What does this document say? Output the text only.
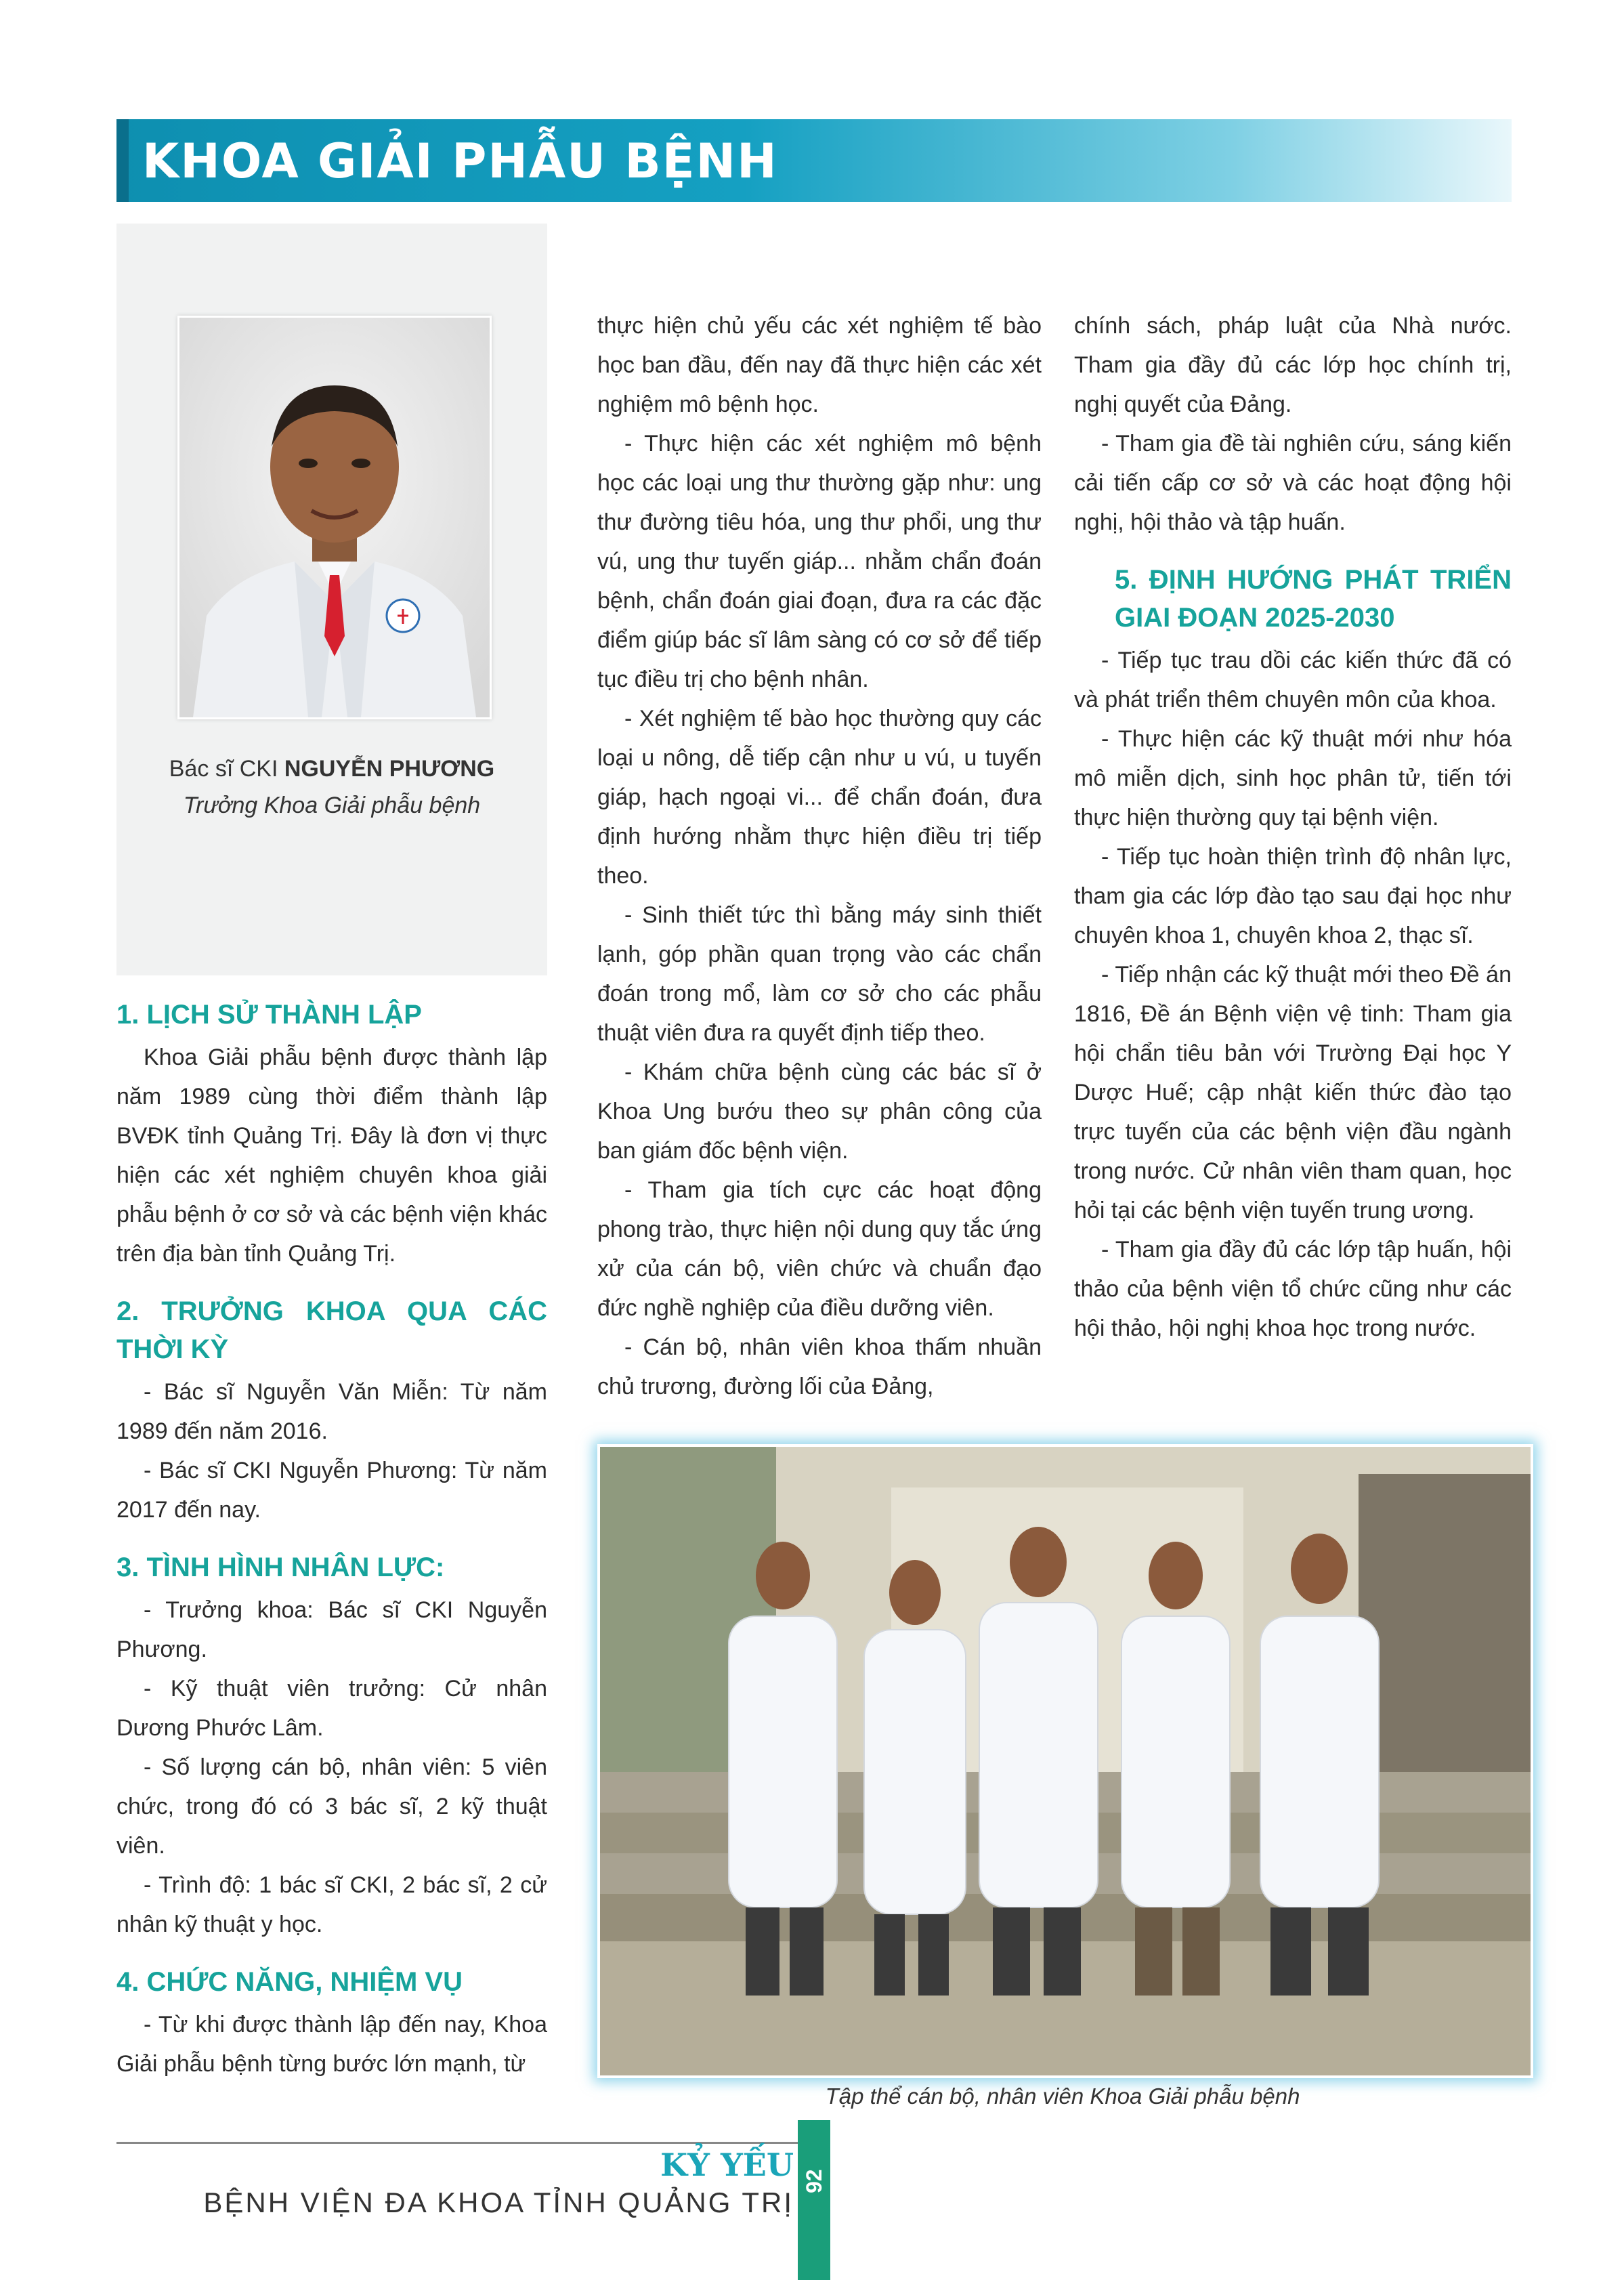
KHOA GIẢI PHẪU BỆNH
Bác sĩ CKI NGUYỄN PHƯƠNG
Trưởng Khoa Giải phẫu bệnh
1. LỊCH SỬ THÀNH LẬP

Khoa Giải phẫu bệnh được thành lập năm 1989 cùng thời điểm thành lập BVĐK tỉnh Quảng Trị. Đây là đơn vị thực hiện các xét nghiệm chuyên khoa giải phẫu bệnh ở cơ sở và các bệnh viện khác trên địa bàn tỉnh Quảng Trị.

2. TRƯỞNG KHOA QUA CÁC THỜI KỲ

- Bác sĩ Nguyễn Văn Miễn: Từ năm 1989 đến năm 2016.

- Bác sĩ CKI Nguyễn Phương: Từ năm 2017 đến nay.

3. TÌNH HÌNH NHÂN LỰC:

- Trưởng khoa: Bác sĩ CKI Nguyễn Phương.

- Kỹ thuật viên trưởng: Cử nhân Dương Phước Lâm.

- Số lượng cán bộ, nhân viên: 5 viên chức, trong đó có 3 bác sĩ, 2 kỹ thuật viên.

- Trình độ: 1 bác sĩ CKI, 2 bác sĩ, 2 cử nhân kỹ thuật y học.

4. CHỨC NĂNG, NHIỆM VỤ

- Từ khi được thành lập đến nay, Khoa Giải phẫu bệnh từng bước lớn mạnh, từ

thực hiện chủ yếu các xét nghiệm tế bào học ban đầu, đến nay đã thực hiện các xét nghiệm mô bệnh học.

- Thực hiện các xét nghiệm mô bệnh học các loại ung thư thường gặp như: ung thư đường tiêu hóa, ung thư phổi, ung thư vú, ung thư tuyến giáp... nhằm chẩn đoán bệnh, chẩn đoán giai đoạn, đưa ra các đặc điểm giúp bác sĩ lâm sàng có cơ sở để tiếp tục điều trị cho bệnh nhân.

- Xét nghiệm tế bào học thường quy các loại u nông, dễ tiếp cận như u vú, u tuyến giáp, hạch ngoại vi... để chẩn đoán, đưa định hướng nhằm thực hiện điều trị tiếp theo.

- Sinh thiết tức thì bằng máy sinh thiết lạnh, góp phần quan trọng vào các chẩn đoán trong mổ, làm cơ sở cho các phẫu thuật viên đưa ra quyết định tiếp theo.

- Khám chữa bệnh cùng các bác sĩ ở Khoa Ung bướu theo sự phân công của ban giám đốc bệnh viện.

- Tham gia tích cực các hoạt động phong trào, thực hiện nội dung quy tắc ứng xử của cán bộ, viên chức và chuẩn đạo đức nghề nghiệp của điều dưỡng viên.

- Cán bộ, nhân viên khoa thấm nhuần chủ trương, đường lối của Đảng,

chính sách, pháp luật của Nhà nước. Tham gia đầy đủ các lớp học chính trị, nghị quyết của Đảng.

- Tham gia đề tài nghiên cứu, sáng kiến cải tiến cấp cơ sở và các hoạt động hội nghị, hội thảo và tập huấn.

5. ĐỊNH HƯỚNG PHÁT TRIỂN GIAI ĐOẠN 2025-2030

- Tiếp tục trau dồi các kiến thức đã có và phát triển thêm chuyên môn của khoa.

- Thực hiện các kỹ thuật mới như hóa mô miễn dịch, sinh học phân tử, tiến tới thực hiện thường quy tại bệnh viện.

- Tiếp tục hoàn thiện trình độ nhân lực, tham gia các lớp đào tạo sau đại học như chuyên khoa 1, chuyên khoa 2, thạc sĩ.

- Tiếp nhận các kỹ thuật mới theo Đề án 1816, Đề án Bệnh viện vệ tinh: Tham gia hội chẩn tiêu bản với Trường Đại học Y Dược Huế; cập nhật kiến thức đào tạo trực tuyến của các bệnh viện đầu ngành trong nước. Cử nhân viên tham quan, học hỏi tại các bệnh viện tuyến trung ương.

- Tham gia đầy đủ các lớp tập huấn, hội thảo của bệnh viện tổ chức cũng như các hội thảo, hội nghị khoa học trong nước.

Tập thể cán bộ, nhân viên Khoa Giải phẫu bệnh
KỶ YẾU
BỆNH VIỆN ĐA KHOA TỈNH QUẢNG TRỊ
92
